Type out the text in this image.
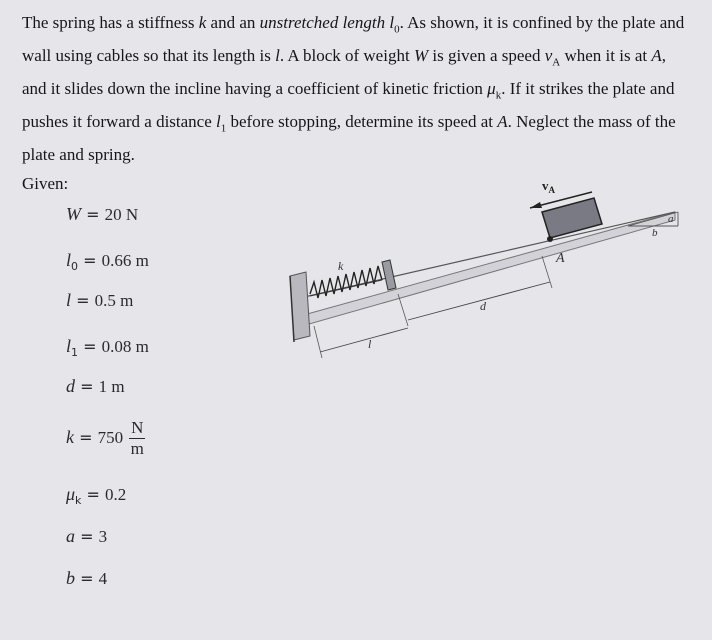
The spring has a stiffness k and an unstretched length $l_0$. As shown, it is confined by the plate and wall using cables so that its length is l. A block of weight W is given a speed $v_A$ when it is at A, and it slides down the incline having a coefficient of kinetic friction $\mu_k$. If it strikes the plate and pushes it forward a distance $l_1$ before stopping, determine its speed at A. Neglect the mass of the plate and spring.
Given:
W = 20 N
$l_0 = 0.66$ m
l = 0.5 m
$l_1 = 0.08$ m
d = 1 m
$k = 750 \frac{N}{m}$
$\mu_k = 0.2$
a = 3
b = 4
$v_A$
A
k
d
l
a
b
